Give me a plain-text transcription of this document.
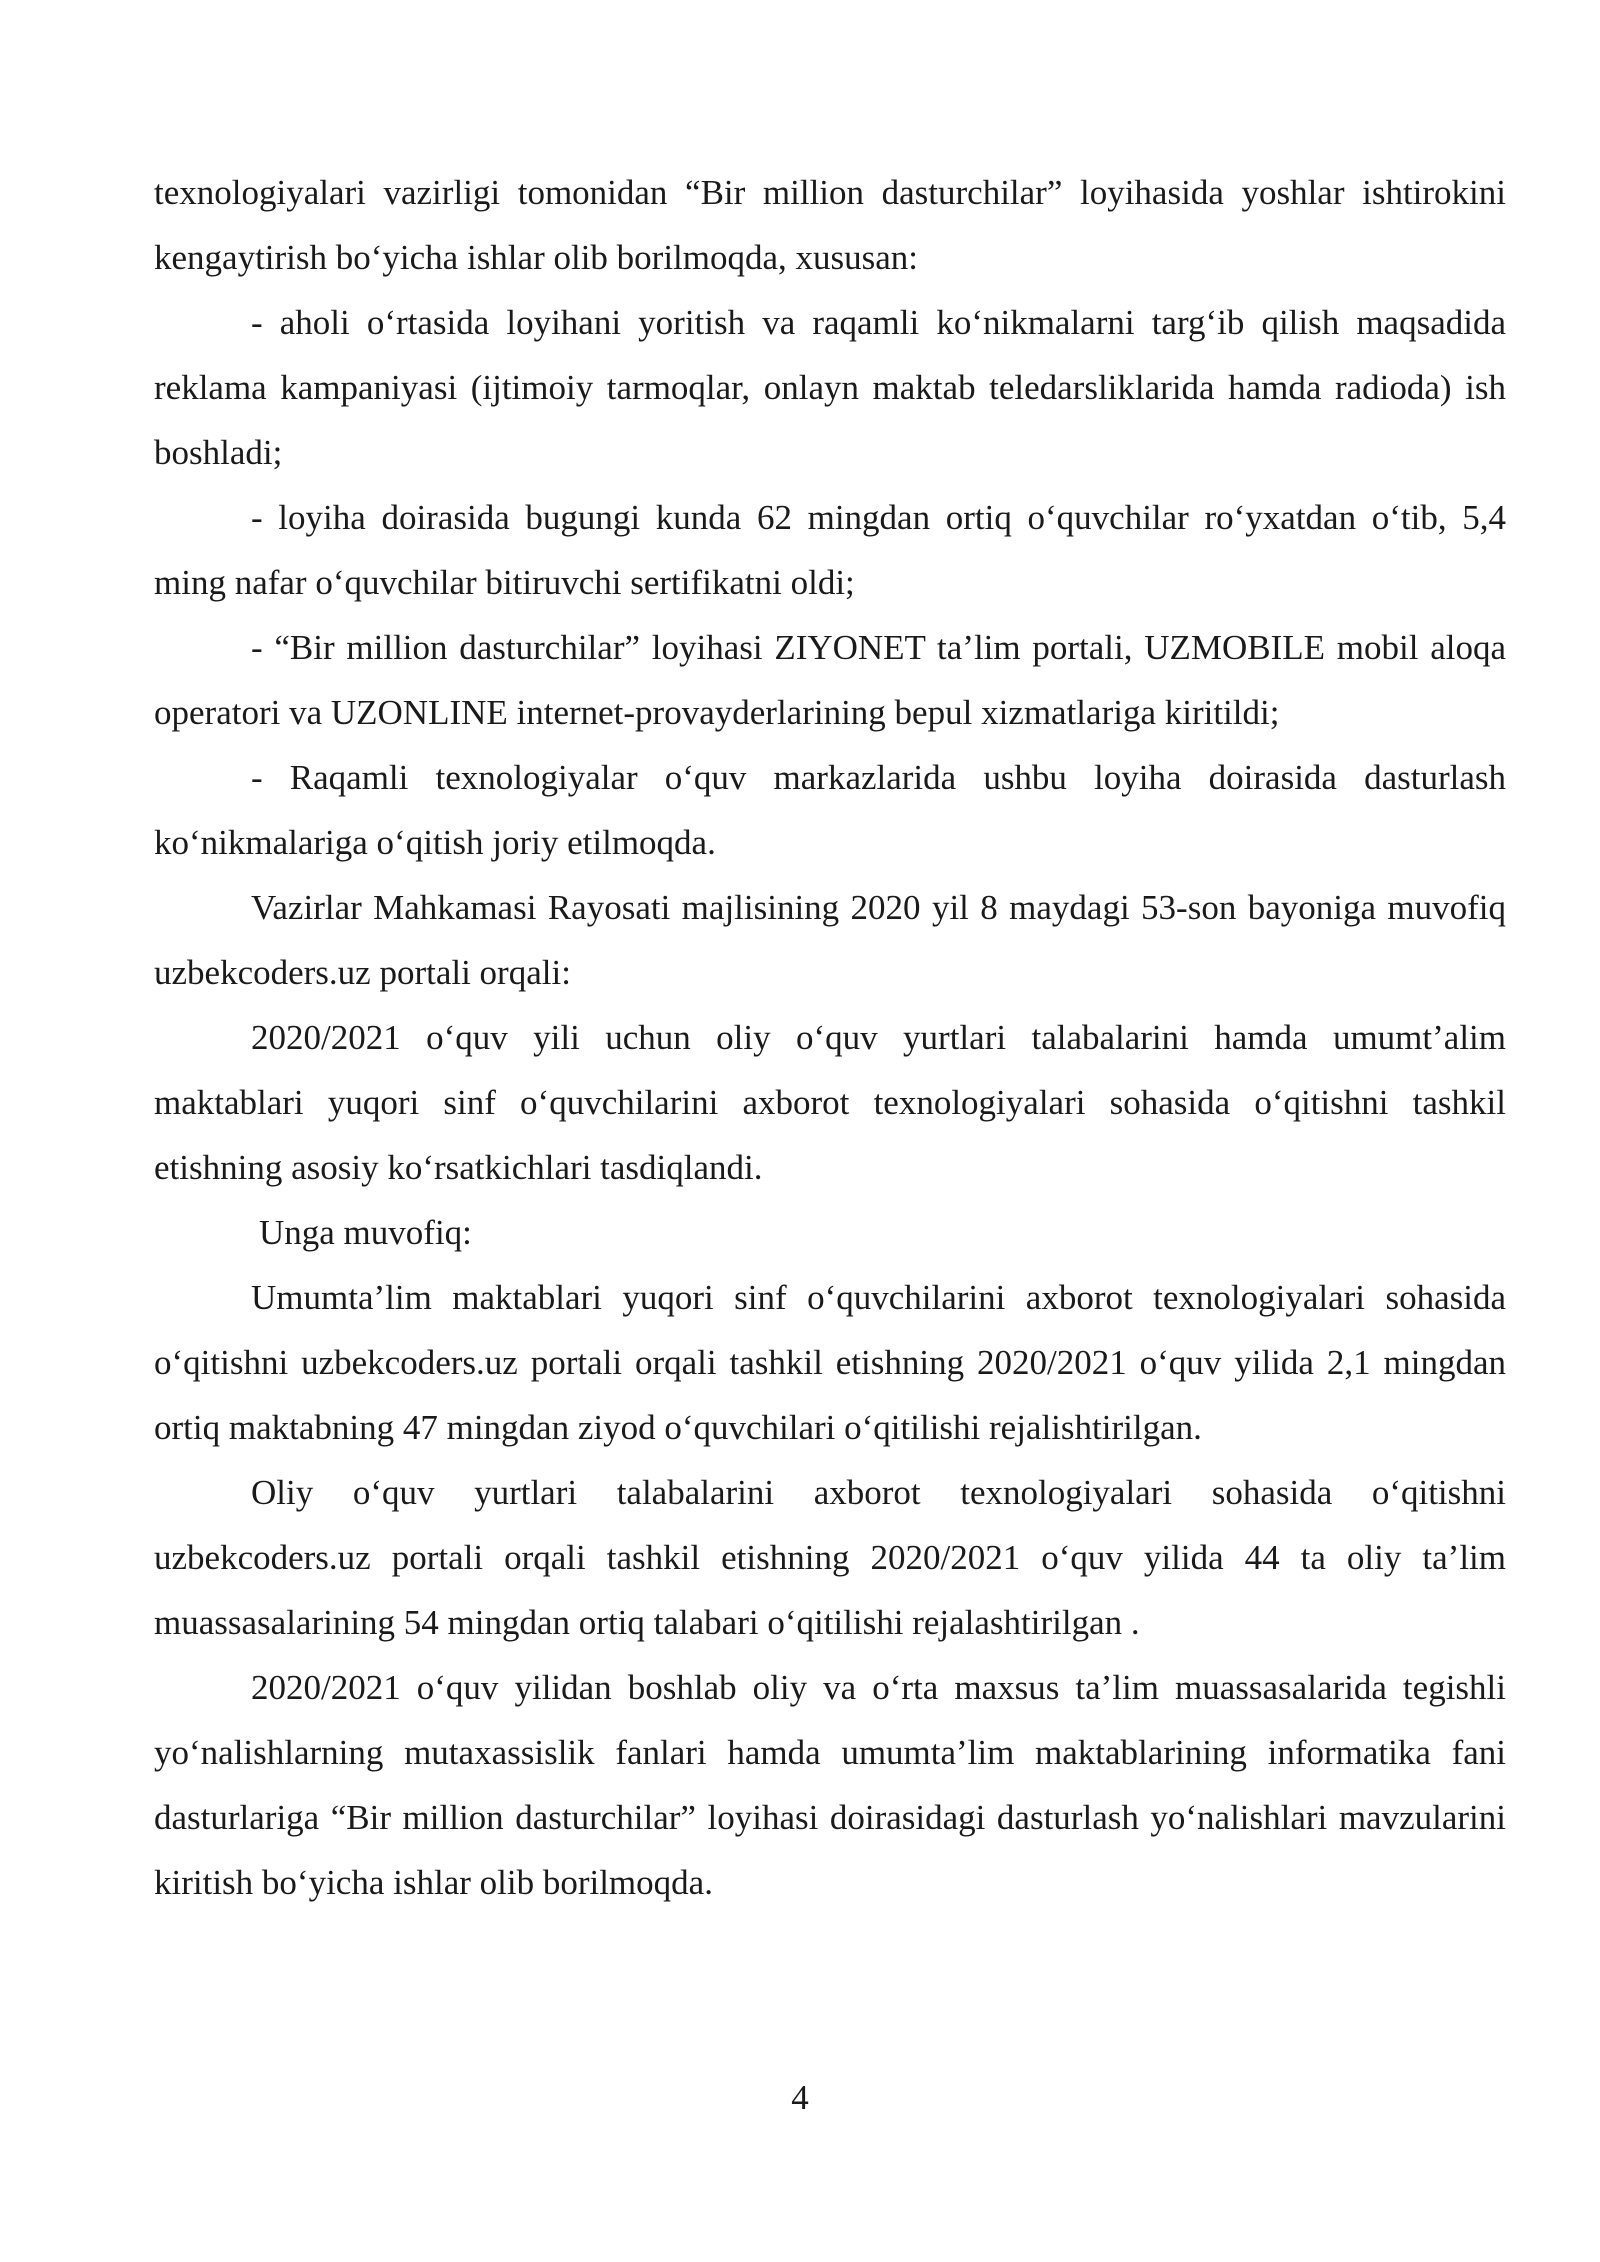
texnologiyalari vazirligi tomonidan “Bir million dasturchilar” loyihasida yoshlar ishtirokini kengaytirish bo‘yicha ishlar olib borilmoqda, xususan:

- aholi o‘rtasida loyihani yoritish va raqamli ko‘nikmalarni targ‘ib qilish maqsadida reklama kampaniyasi (ijtimoiy tarmoqlar, onlayn maktab teledarsliklarida hamda radioda) ish boshladi;

- loyiha doirasida bugungi kunda 62 mingdan ortiq o‘quvchilar ro‘yxatdan o‘tib, 5,4 ming nafar o‘quvchilar bitiruvchi sertifikatni oldi;

- “Bir million dasturchilar” loyihasi ZIYONET ta’lim portali, UZMOBILE mobil aloqa operatori va UZONLINE internet-provayderlarining bepul xizmatlariga kiritildi;

- Raqamli texnologiyalar o‘quv markazlarida ushbu loyiha doirasida dasturlash ko‘nikmalariga o‘qitish joriy etilmoqda.

Vazirlar Mahkamasi Rayosati majlisining 2020 yil 8 maydagi 53-son bayoniga muvofiq uzbekcoders.uz portali orqali:

2020/2021 o‘quv yili uchun oliy o‘quv yurtlari talabalarini hamda umumt’alim maktablari yuqori sinf o‘quvchilarini axborot texnologiyalari sohasida o‘qitishni tashkil etishning asosiy ko‘rsatkichlari tasdiqlandi.

Unga muvofiq:

Umumta’lim maktablari yuqori sinf o‘quvchilarini axborot texnologiyalari sohasida o‘qitishni uzbekcoders.uz portali orqali tashkil etishning 2020/2021 o‘quv yilida 2,1 mingdan ortiq maktabning 47 mingdan ziyod o‘quvchilari o‘qitilishi rejalishtirilgan.

Oliy o‘quv yurtlari talabalarini axborot texnologiyalari sohasida o‘qitishni uzbekcoders.uz portali orqali tashkil etishning 2020/2021 o‘quv yilida 44 ta oliy ta’lim muassasalarining 54 mingdan ortiq talabari o‘qitilishi rejalashtirilgan .

2020/2021 o‘quv yilidan boshlab oliy va o‘rta maxsus ta’lim muassasalarida tegishli yo‘nalishlarning mutaxassislik fanlari hamda umumta’lim maktablarining informatika fani dasturlariga “Bir million dasturchilar” loyihasi doirasidagi dasturlash yo‘nalishlari mavzularini kiritish bo‘yicha ishlar olib borilmoqda.

4
